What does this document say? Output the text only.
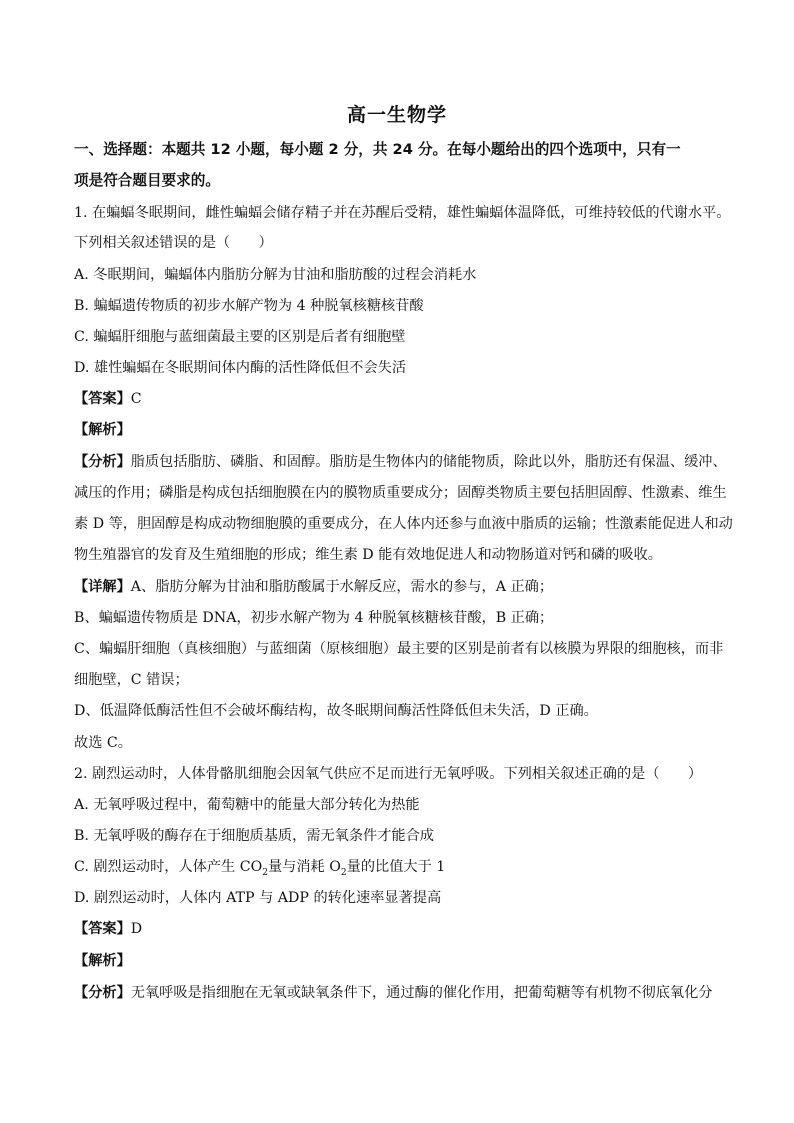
高一生物学
一、选择题：本题共 12 小题，每小题 2 分，共 24 分。在每小题给出的四个选项中，只有一
项是符合题目要求的。
1. 在蝙蝠冬眠期间，雌性蝙蝠会储存精子并在苏醒后受精，雄性蝙蝠体温降低，可维持较低的代谢水平。
下列相关叙述错误的是（　　）
A. 冬眠期间，蝙蝠体内脂肪分解为甘油和脂肪酸的过程会消耗水
B. 蝙蝠遗传物质的初步水解产物为 4 种脱氧核糖核苷酸
C. 蝙蝠肝细胞与蓝细菌最主要的区别是后者有细胞壁
D. 雄性蝙蝠在冬眠期间体内酶的活性降低但不会失活
【答案】C
【解析】
【分析】脂质包括脂肪、磷脂、和固醇。脂肪是生物体内的储能物质，除此以外，脂肪还有保温、缓冲、
减压的作用；磷脂是构成包括细胞膜在内的膜物质重要成分；固醇类物质主要包括胆固醇、性激素、维生
素 D 等，胆固醇是构成动物细胞膜的重要成分，在人体内还参与血液中脂质的运输；性激素能促进人和动
物生殖器官的发育及生殖细胞的形成；维生素 D 能有效地促进人和动物肠道对钙和磷的吸收。
【详解】A、脂肪分解为甘油和脂肪酸属于水解反应，需水的参与，A 正确；
B、蝙蝠遗传物质是 DNA，初步水解产物为 4 种脱氧核糖核苷酸，B 正确；
C、蝙蝠肝细胞（真核细胞）与蓝细菌（原核细胞）最主要的区别是前者有以核膜为界限的细胞核，而非
细胞壁，C 错误；
D、低温降低酶活性但不会破坏酶结构，故冬眠期间酶活性降低但未失活，D 正确。
故选 C。
2. 剧烈运动时，人体骨骼肌细胞会因氧气供应不足而进行无氧呼吸。下列相关叙述正确的是（　　）
A. 无氧呼吸过程中，葡萄糖中的能量大部分转化为热能
B. 无氧呼吸的酶存在于细胞质基质，需无氧条件才能合成
C. 剧烈运动时，人体产生 $CO_2$量与消耗 $O_2$量的比值大于 1
D. 剧烈运动时，人体内 ATP 与 ADP 的转化速率显著提高
【答案】D
【解析】
【分析】无氧呼吸是指细胞在无氧或缺氧条件下，通过酶的催化作用，把葡萄糖等有机物不彻底氧化分
